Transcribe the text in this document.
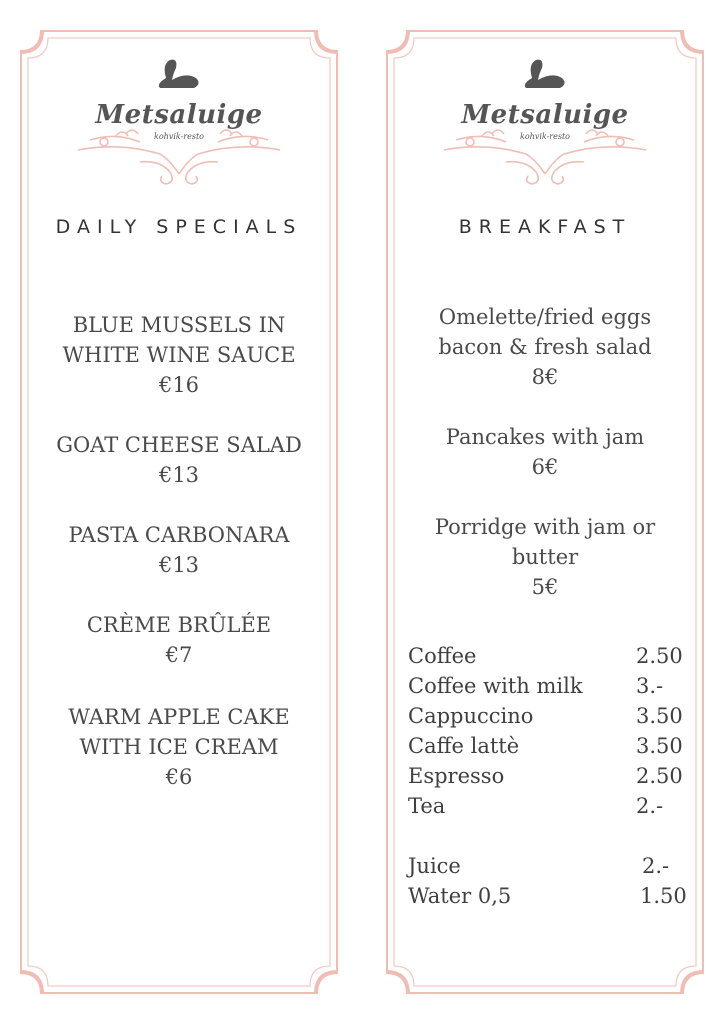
Metsaluige
kohvik-resto
DAILY SPECIALS
BLUE MUSSELS IN
WHITE WINE SAUCE
€16
GOAT CHEESE SALAD
€13
PASTA CARBONARA
€13
CRÈME BRÛLÉE
€7
WARM APPLE CAKE
WITH ICE CREAM
€6
Metsaluige
kohvik-resto
BREAKFAST
Omelette/fried eggs
bacon & fresh salad
8€
Pancakes with jam
6€
Porridge with jam or
butter
5€
Coffee	2.50
Coffee with milk	3.-
Cappuccino	3.50
Caffe lattè	3.50
Espresso	2.50
Tea	2.-
Juice	2.-
Water 0,5	1.50
